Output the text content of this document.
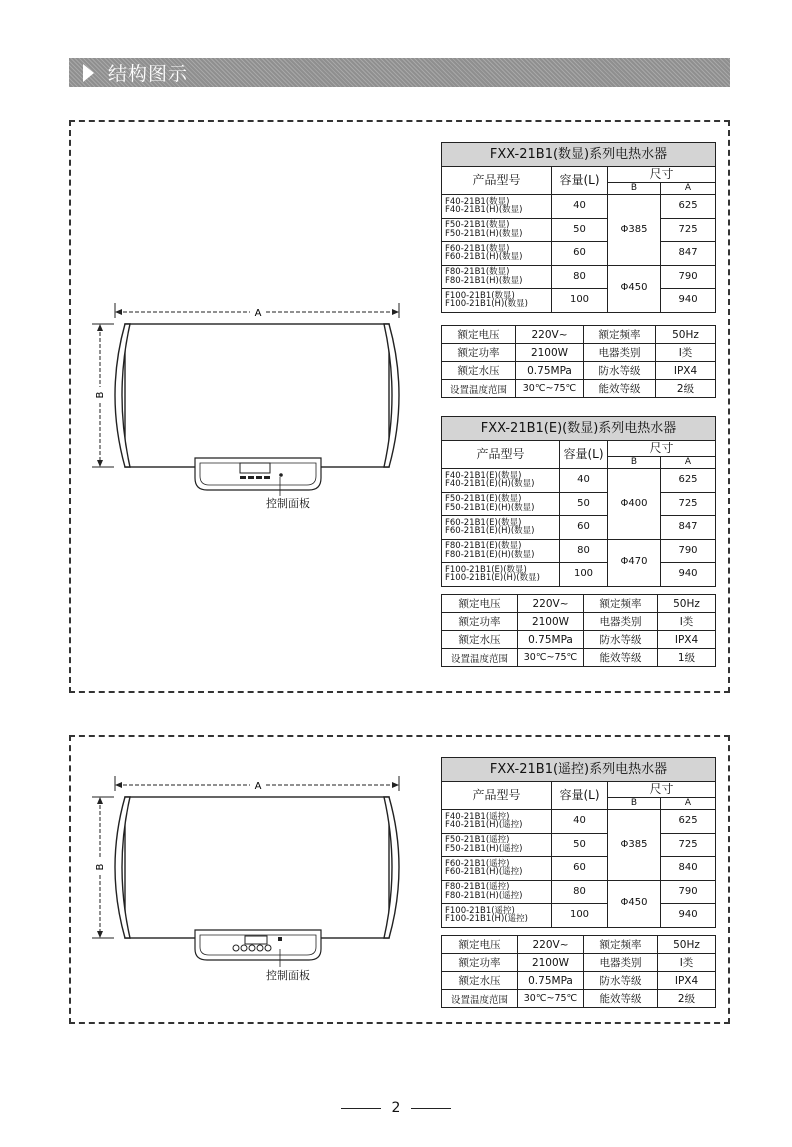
结构图示
A
B
控制面板
A
B
控制面板
FXX-21B1(数显)系列电热水器			
产品型号	容量(L)	尺寸	
		B	A
F40-21B1(数显)
F40-21B1(H)(数显)	40	Φ385	625
F50-21B1(数显)
F50-21B1(H)(数显)	50		725
F60-21B1(数显)
F60-21B1(H)(数显)	60		847
F80-21B1(数显)
F80-21B1(H)(数显)	80	Φ450	790
F100-21B1(数显)
F100-21B1(H)(数显)	100		940
额定电压	220V~	额定频率	50Hz
额定功率	2100W	电器类别	Ⅰ类
额定水压	0.75MPa	防水等级	IPX4
设置温度范围	30℃~75℃	能效等级	2级
FXX-21B1(E)(数显)系列电热水器			
产品型号	容量(L)	尺寸	
		B	A
F40-21B1(E)(数显)
F40-21B1(E)(H)(数显)	40	Φ400	625
F50-21B1(E)(数显)
F50-21B1(E)(H)(数显)	50		725
F60-21B1(E)(数显)
F60-21B1(E)(H)(数显)	60		847
F80-21B1(E)(数显)
F80-21B1(E)(H)(数显)	80	Φ470	790
F100-21B1(E)(数显)
F100-21B1(E)(H)(数显)	100		940
额定电压	220V~	额定频率	50Hz
额定功率	2100W	电器类别	Ⅰ类
额定水压	0.75MPa	防水等级	IPX4
设置温度范围	30℃~75℃	能效等级	1级
FXX-21B1(遥控)系列电热水器			
产品型号	容量(L)	尺寸	
		B	A
F40-21B1(遥控)
F40-21B1(H)(遥控)	40	Φ385	625
F50-21B1(遥控)
F50-21B1(H)(遥控)	50		725
F60-21B1(遥控)
F60-21B1(H)(遥控)	60		840
F80-21B1(遥控)
F80-21B1(H)(遥控)	80	Φ450	790
F100-21B1(遥控)
F100-21B1(H)(遥控)	100		940
额定电压	220V~	额定频率	50Hz
额定功率	2100W	电器类别	Ⅰ类
额定水压	0.75MPa	防水等级	IPX4
设置温度范围	30℃~75℃	能效等级	2级
2
